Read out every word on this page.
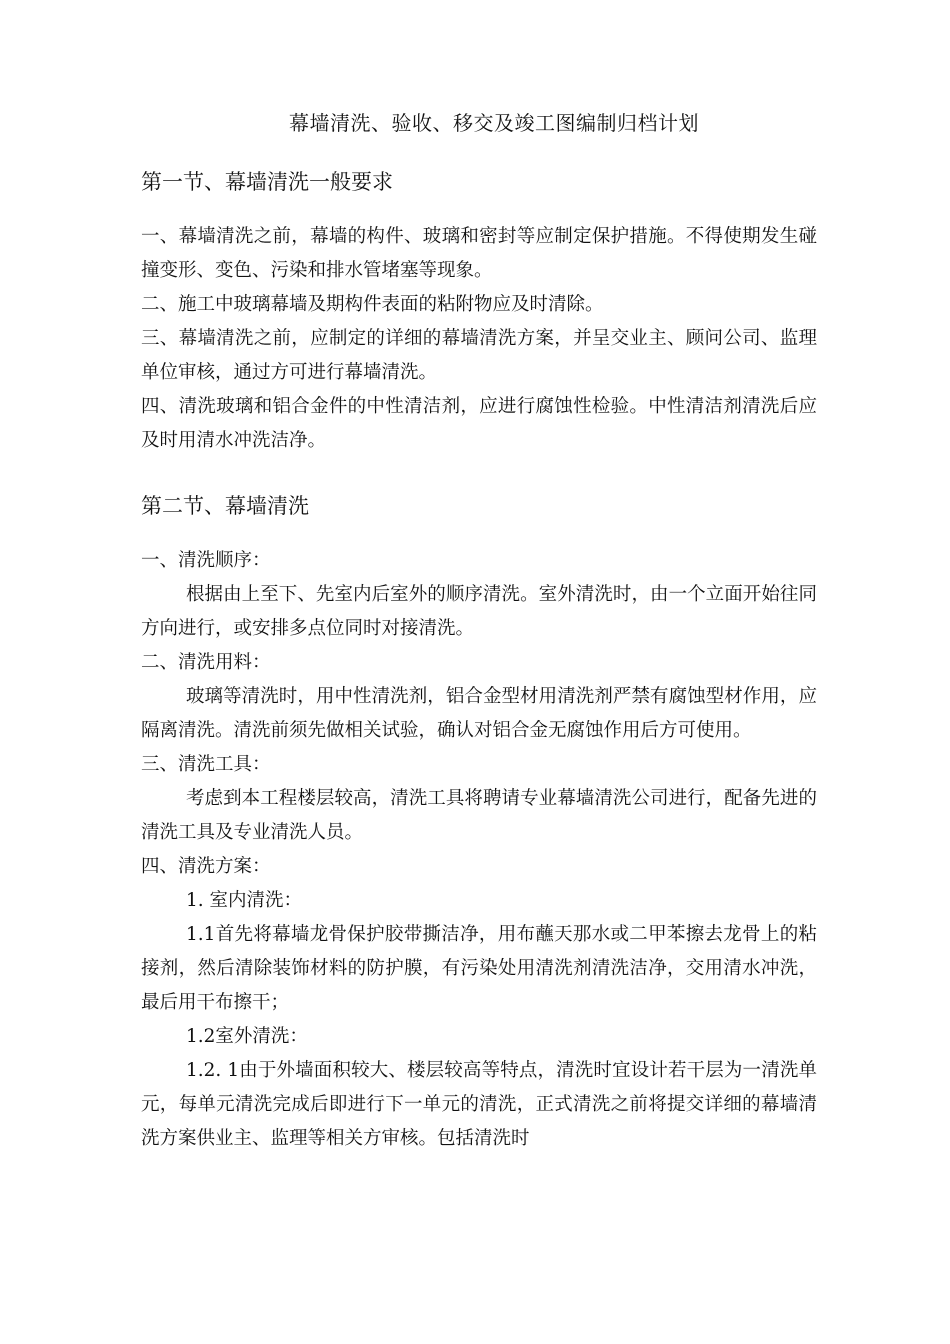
幕墙清洗、验收、移交及竣工图编制归档计划
第一节、幕墙清洗一般要求

一、幕墙清洗之前，幕墙的构件、玻璃和密封等应制定保护措施。不得使期发生碰撞变形、变色、污染和排水管堵塞等现象。

二、施工中玻璃幕墙及期构件表面的粘附物应及时清除。

三、幕墙清洗之前，应制定的详细的幕墙清洗方案，并呈交业主、顾问公司、监理单位审核，通过方可进行幕墙清洗。

四、清洗玻璃和铝合金件的中性清洁剂，应进行腐蚀性检验。中性清洁剂清洗后应及时用清水冲洗洁净。

第二节、幕墙清洗

一、清洗顺序：

根据由上至下、先室内后室外的顺序清洗。室外清洗时，由一个立面开始往同方向进行，或安排多点位同时对接清洗。

二、清洗用料：

玻璃等清洗时，用中性清洗剂，铝合金型材用清洗剂严禁有腐蚀型材作用，应隔离清洗。清洗前须先做相关试验，确认对铝合金无腐蚀作用后方可使用。

三、清洗工具：

考虑到本工程楼层较高，清洗工具将聘请专业幕墙清洗公司进行，配备先进的清洗工具及专业清洗人员。

四、清洗方案：

1. 室内清洗：

1.1首先将幕墙龙骨保护胶带撕洁净，用布蘸天那水或二甲苯擦去龙骨上的粘接剂，然后清除装饰材料的防护膜，有污染处用清洗剂清洗洁净，交用清水冲洗，最后用干布擦干；

1.2室外清洗：

1.2. 1由于外墙面积较大、楼层较高等特点，清洗时宜设计若干层为一清洗单元，每单元清洗完成后即进行下一单元的清洗，正式清洗之前将提交详细的幕墙清洗方案供业主、监理等相关方审核。包括清洗时
